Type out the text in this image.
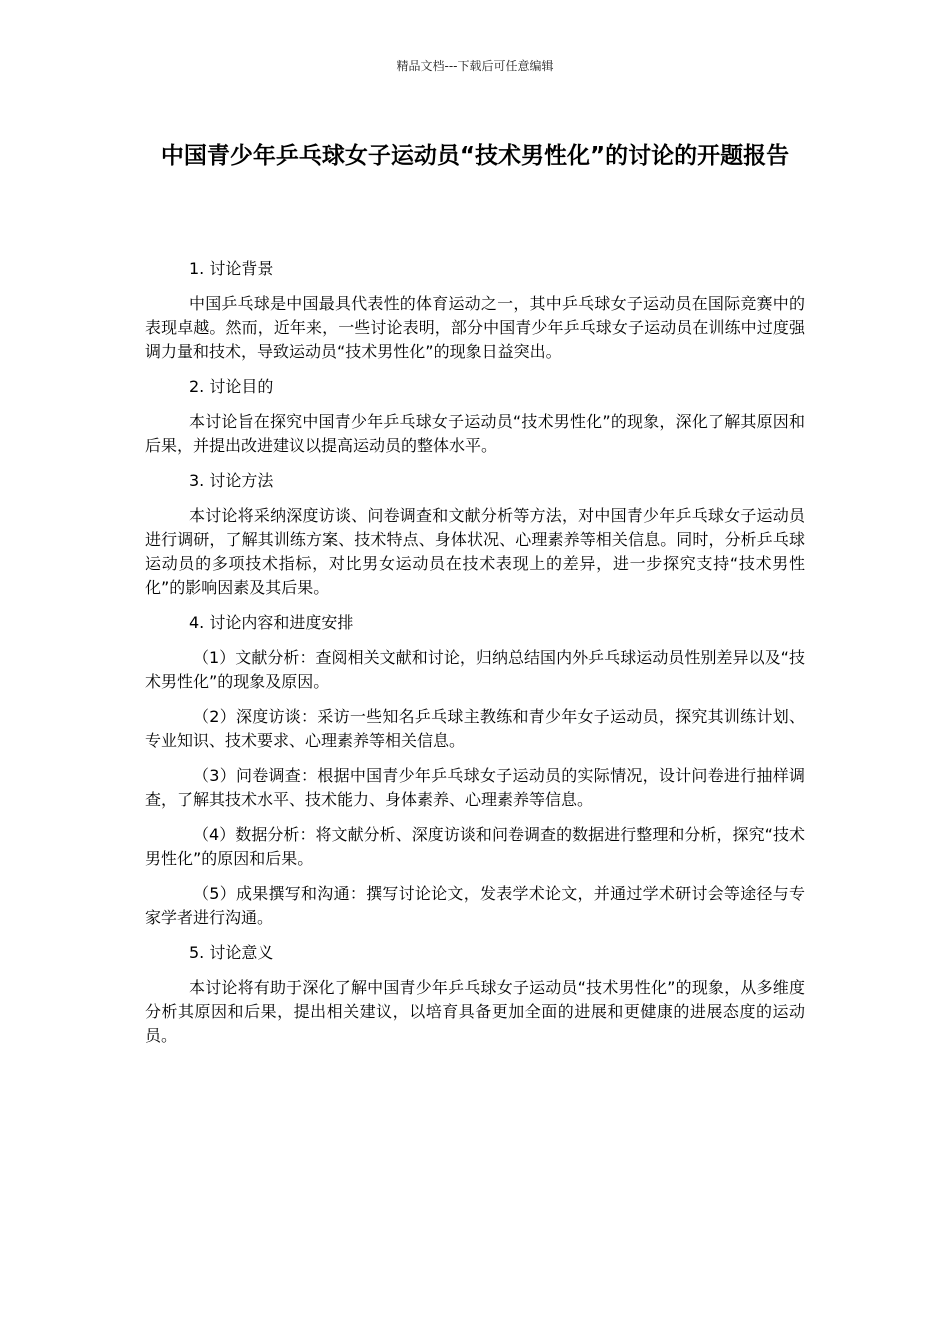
精品文档---下载后可任意编辑
中国青少年乒乓球女子运动员“技术男性化”的讨论的开题报告

1. 讨论背景

中国乒乓球是中国最具代表性的体育运动之一，其中乒乓球女子运动员在国际竞赛中的表现卓越。然而，近年来，一些讨论表明，部分中国青少年乒乓球女子运动员在训练中过度强调力量和技术，导致运动员“技术男性化”的现象日益突出。

2. 讨论目的

本讨论旨在探究中国青少年乒乓球女子运动员“技术男性化”的现象，深化了解其原因和后果，并提出改进建议以提高运动员的整体水平。

3. 讨论方法

本讨论将采纳深度访谈、问卷调查和文献分析等方法，对中国青少年乒乓球女子运动员进行调研，了解其训练方案、技术特点、身体状况、心理素养等相关信息。同时，分析乒乓球运动员的多项技术指标，对比男女运动员在技术表现上的差异，进一步探究支持“技术男性化”的影响因素及其后果。

4. 讨论内容和进度安排

（1）文献分析：查阅相关文献和讨论，归纳总结国内外乒乓球运动员性别差异以及“技术男性化”的现象及原因。

（2）深度访谈：采访一些知名乒乓球主教练和青少年女子运动员，探究其训练计划、专业知识、技术要求、心理素养等相关信息。

（3）问卷调查：根据中国青少年乒乓球女子运动员的实际情况，设计问卷进行抽样调查，了解其技术水平、技术能力、身体素养、心理素养等信息。

（4）数据分析：将文献分析、深度访谈和问卷调查的数据进行整理和分析，探究“技术男性化”的原因和后果。

（5）成果撰写和沟通：撰写讨论论文，发表学术论文，并通过学术研讨会等途径与专家学者进行沟通。

5. 讨论意义

本讨论将有助于深化了解中国青少年乒乓球女子运动员“技术男性化”的现象，从多维度分析其原因和后果，提出相关建议，以培育具备更加全面的进展和更健康的进展态度的运动员。
